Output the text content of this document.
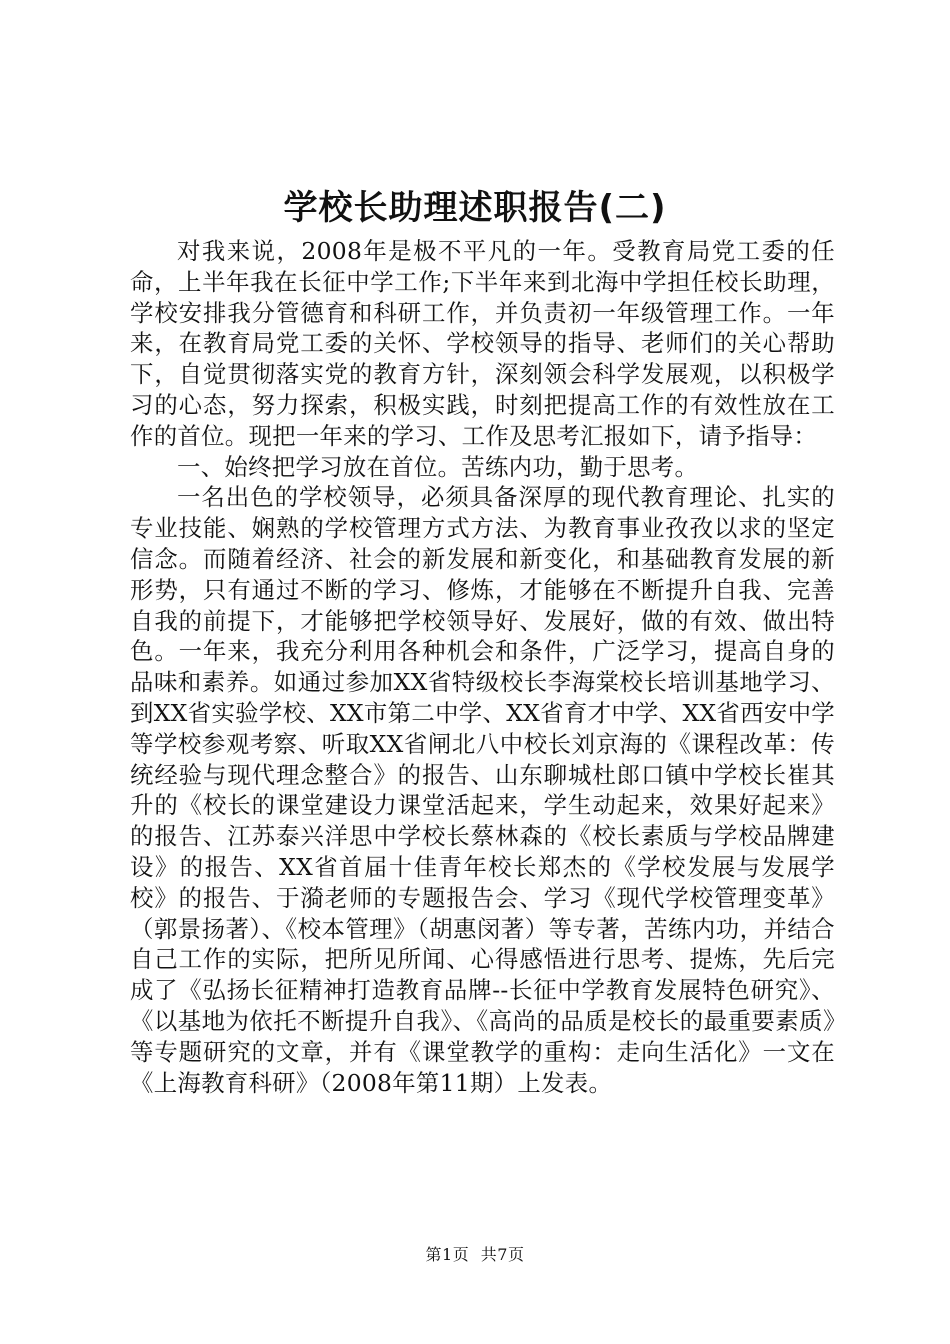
学校长助理述职报告(二)

对我来说，2008年是极不平凡的一年。受教育局党工委的任命，上半年我在长征中学工作;下半年来到北海中学担任校长助理，学校安排我分管德育和科研工作，并负责初一年级管理工作。一年来，在教育局党工委的关怀、学校领导的指导、老师们的关心帮助下，自觉贯彻落实党的教育方针，深刻领会科学发展观，以积极学习的心态，努力探索，积极实践，时刻把提高工作的有效性放在工作的首位。现把一年来的学习、工作及思考汇报如下，请予指导：

一、始终把学习放在首位。苦练内功，勤于思考。

一名出色的学校领导，必须具备深厚的现代教育理论、扎实的专业技能、娴熟的学校管理方式方法、为教育事业孜孜以求的坚定信念。而随着经济、社会的新发展和新变化，和基础教育发展的新形势，只有通过不断的学习、修炼，才能够在不断提升自我、完善自我的前提下，才能够把学校领导好、发展好，做的有效、做出特色。一年来，我充分利用各种机会和条件，广泛学习，提高自身的品味和素养。如通过参加XX省特级校长李海棠校长培训基地学习、到XX省实验学校、XX市第二中学、XX省育才中学、XX省西安中学等学校参观考察、听取XX省闸北八中校长刘京海的《课程改革：传统经验与现代理念整合》的报告、山东聊城杜郎口镇中学校长崔其升的《校长的课堂建设力课堂活起来，学生动起来，效果好起来》的报告、江苏泰兴洋思中学校长蔡林森的《校长素质与学校品牌建设》的报告、XX省首届十佳青年校长郑杰的《学校发展与发展学校》的报告、于漪老师的专题报告会、学习《现代学校管理变革》（郭景扬著）、《校本管理》（胡惠闵著）等专著，苦练内功，并结合自己工作的实际，把所见所闻、心得感悟进行思考、提炼，先后完成了《弘扬长征精神打造教育品牌--长征中学教育发展特色研究》、《以基地为依托不断提升自我》、《高尚的品质是校长的最重要素质》等专题研究的文章，并有《课堂教学的重构：走向生活化》一文在《上海教育科研》（2008年第11期）上发表。

第1页 共7页
